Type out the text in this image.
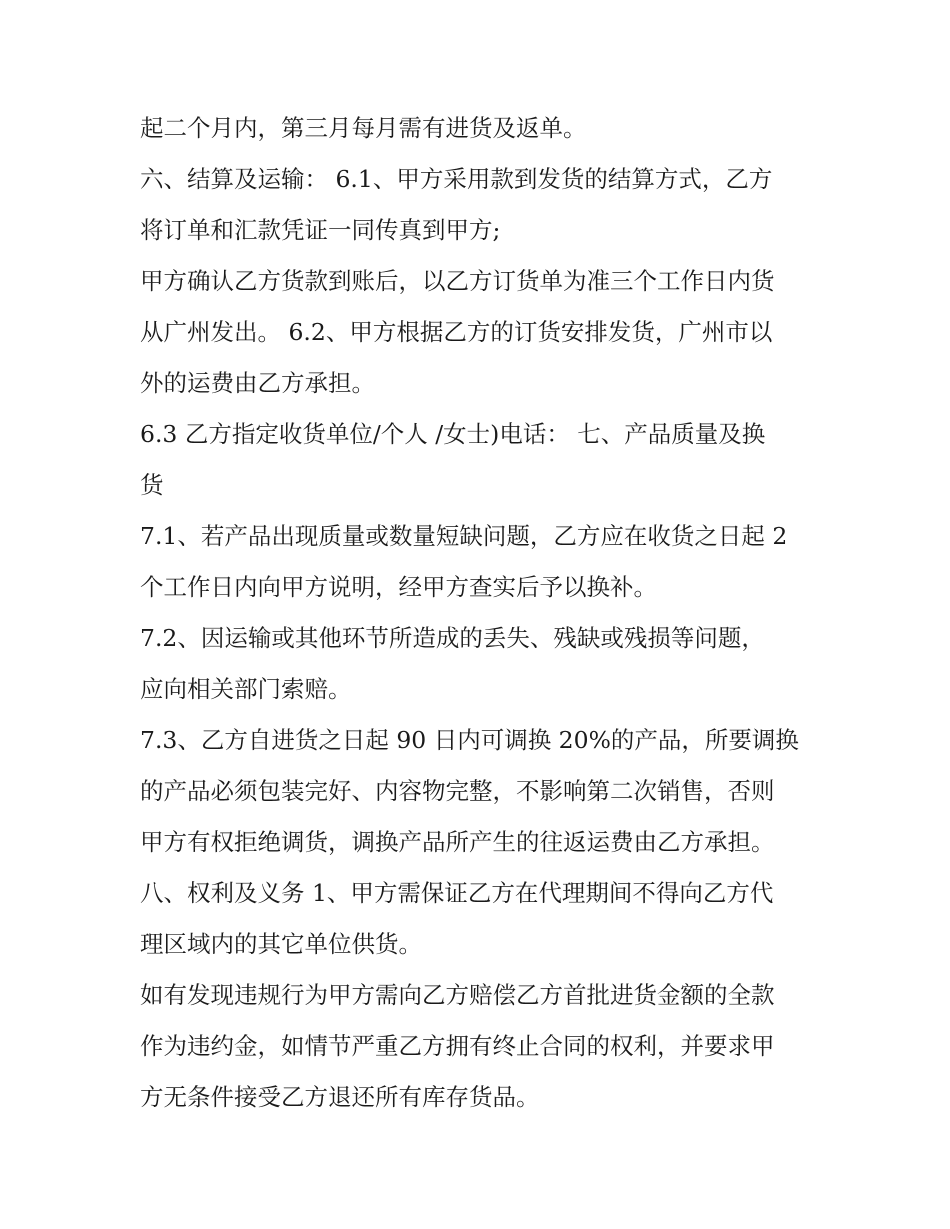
起二个月内，第三月每月需有进货及返单。
六、结算及运输： 6.1、甲方采用款到发货的结算方式，乙方
将订单和汇款凭证一同传真到甲方;
甲方确认乙方货款到账后，以乙方订货单为准三个工作日内货
从广州发出。 6.2、甲方根据乙方的订货安排发货，广州市以
外的运费由乙方承担。
6.3 乙方指定收货单位/个人 /女士)电话： 七、产品质量及换
货
7.1、若产品出现质量或数量短缺问题，乙方应在收货之日起 2
个工作日内向甲方说明，经甲方查实后予以换补。
7.2、因运输或其他环节所造成的丢失、残缺或残损等问题，
应向相关部门索赔。
7.3、乙方自进货之日起 90 日内可调换 20%的产品，所要调换
的产品必须包装完好、内容物完整，不影响第二次销售，否则
甲方有权拒绝调货，调换产品所产生的往返运费由乙方承担。
八、权利及义务 1、甲方需保证乙方在代理期间不得向乙方代
理区域内的其它单位供货。
如有发现违规行为甲方需向乙方赔偿乙方首批进货金额的全款
作为违约金，如情节严重乙方拥有终止合同的权利，并要求甲
方无条件接受乙方退还所有库存货品。
